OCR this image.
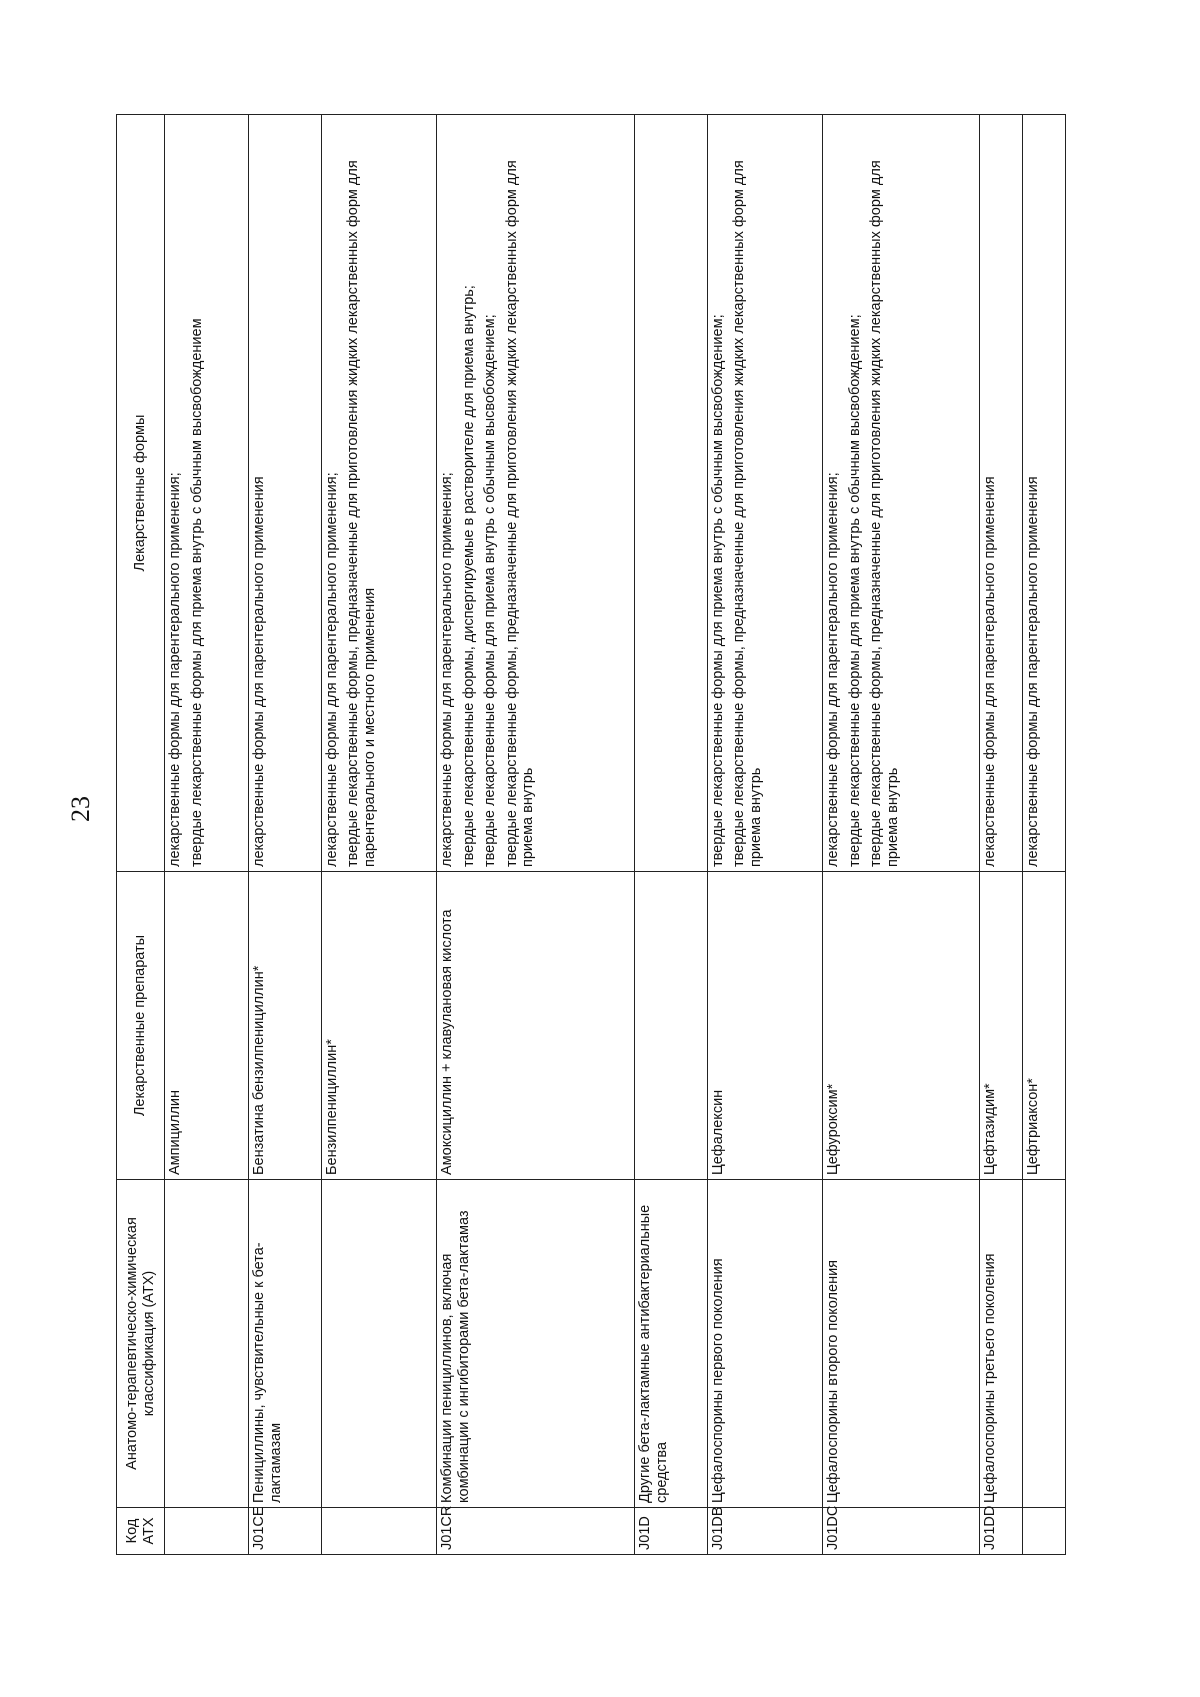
23
Код АТХ	Анатомо-терапевтическо-химическая классификация (АТХ)	Лекарственные препараты	Лекарственные формы
		Ампициллин	лекарственные формы для парентерального применения; твердые лекарственные формы для приема внутрь с обычным высвобождением

J01CE	Пенициллины, чувствительные к бета-лактамазам	Бензатина бензилпенициллин*	лекарственные формы для парентерального применения

		Бензилпенициллин*	лекарственные формы для парентерального применения; твердые лекарственные формы, предназначенные для приготовления жидких лекарственных форм для парентерального и местного применения

J01CR	Комбинации пенициллинов, включая комбинации с ингибиторами бета-лактамаз	Амоксициллин + клавулановая кислота	лекарственные формы для парентерального применения; твердые лекарственные формы, диспергируемые в растворителе для приема внутрь; твердые лекарственные формы для приема внутрь с обычным высвобождением; твердые лекарственные формы, предназначенные для приготовления жидких лекарственных форм для приема внутрь

J01D	Другие бета-лактамные антибактериальные средства		
J01DB	Цефалоспорины первого поколения	Цефалексин	твердые лекарственные формы для приема внутрь с обычным высвобождением; твердые лекарственные формы, предназначенные для приготовления жидких лекарственных форм для приема внутрь

J01DC	Цефалоспорины второго поколения	Цефуроксим*	лекарственные формы для парентерального применения; твердые лекарственные формы для приема внутрь с обычным высвобождением; твердые лекарственные формы, предназначенные для приготовления жидких лекарственных форм для приема внутрь

J01DD	Цефалоспорины третьего поколения	Цефтазидим*	лекарственные формы для парентерального применения

		Цефтриаксон*	лекарственные формы для парентерального применения
